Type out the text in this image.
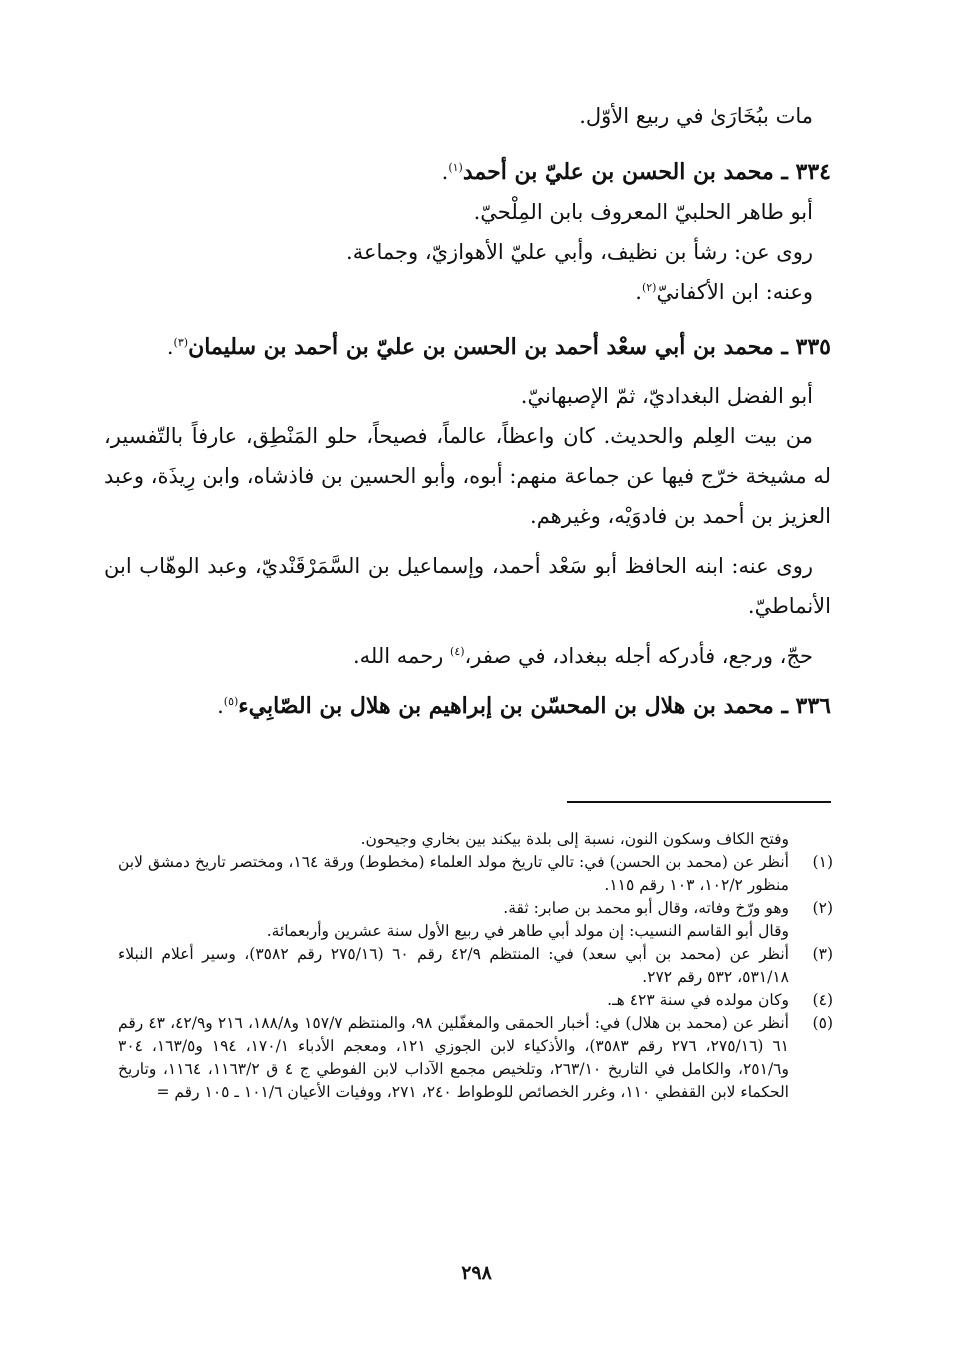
مات ببُخَارَىٰ في ربيع الأوّل.

٣٣٤ ـ محمد بن الحسن بن عليّ بن أحمد$^{(١)}$.

أبو طاهر الحلبيّ المعروف بابن المِلْحيّ.

روى عن: رشأ بن نظيف، وأبي عليّ الأهوازيّ، وجماعة.

وعنه: ابن الأكفانيّ$^{(٢)}$.

٣٣٥ ـ محمد بن أبي سعْد أحمد بن الحسن بن عليّ بن أحمد بن سليمان$^{(٣)}$.

أبو الفضل البغداديّ، ثمّ الإصبهانيّ.

من بيت العِلم والحديث. كان واعظاً، عالماً، فصيحاً، حلو المَنْطِق، عارفاً بالتّفسير، له مشيخة خرّج فيها عن جماعة منهم: أبوه، وأبو الحسين بن فاذشاه، وابن رِيذَة، وعبد العزيز بن أحمد بن فادوَيْه، وغيرهم.

روى عنه: ابنه الحافظ أبو سَعْد أحمد، وإسماعيل بن السَّمَرْقَنْديّ، وعبد الوهّاب ابن الأنماطيّ.

حجّ، ورجع، فأدركه أجله ببغداد، في صفر،$^{(٤)}$ رحمه الله.

٣٣٦ ـ محمد بن هلال بن المحسّن بن إبراهيم بن هلال بن الصّابِيء$^{(٥)}$.

وفتح الكاف وسكون النون، نسبة إلى بلدة بيكند بين بخاري وجيحون.
(١)
أنظر عن (محمد بن الحسن) في: تالي تاريخ مولد العلماء (مخطوط) ورقة ١٦٤، ومختصر تاريخ دمشق لابن منظور ١٠٢/٢، ١٠٣ رقم ١١٥.
(٢)
وهو ورّخ وفاته، وقال أبو محمد بن صابر: ثقة.
وقال أبو القاسم النسيب: إن مولد أبي طاهر في ربيع الأول سنة عشرين وأربعمائة.
(٣)
أنظر عن (محمد بن أبي سعد) في: المنتظم ٤٢/٩ رقم ٦٠ (٢٧٥/١٦ رقم ٣٥٨٢)، وسير أعلام النبلاء ٥٣١/١٨، ٥٣٢ رقم ٢٧٢.
(٤)
وكان مولده في سنة ٤٢٣ هـ.
(٥)
أنظر عن (محمد بن هلال) في: أخبار الحمقى والمغفّلين ٩٨، والمنتظم ١٥٧/٧ و١٨٨/٨، ٢١٦ و٤٢/٩، ٤٣ رقم ٦١ (٢٧٥/١٦، ٢٧٦ رقم ٣٥٨٣)، والأذكياء لابن الجوزي ١٢١، ومعجم الأدباء ١٧٠/١، ١٩٤ و١٦٣/٥، ٣٠٤ و٢٥١/٦، والكامل في التاريخ ٢٦٣/١٠، وتلخيص مجمع الآداب لابن الفوطي ج ٤ ق ١١٦٣/٢، ١١٦٤، وتاريخ الحكماء لابن القفطي ١١٠، وغرر الخصائص للوطواط ٢٤٠، ٢٧١، ووفيات الأعيان ١٠١/٦ ـ ١٠٥ رقم =
٢٩٨
